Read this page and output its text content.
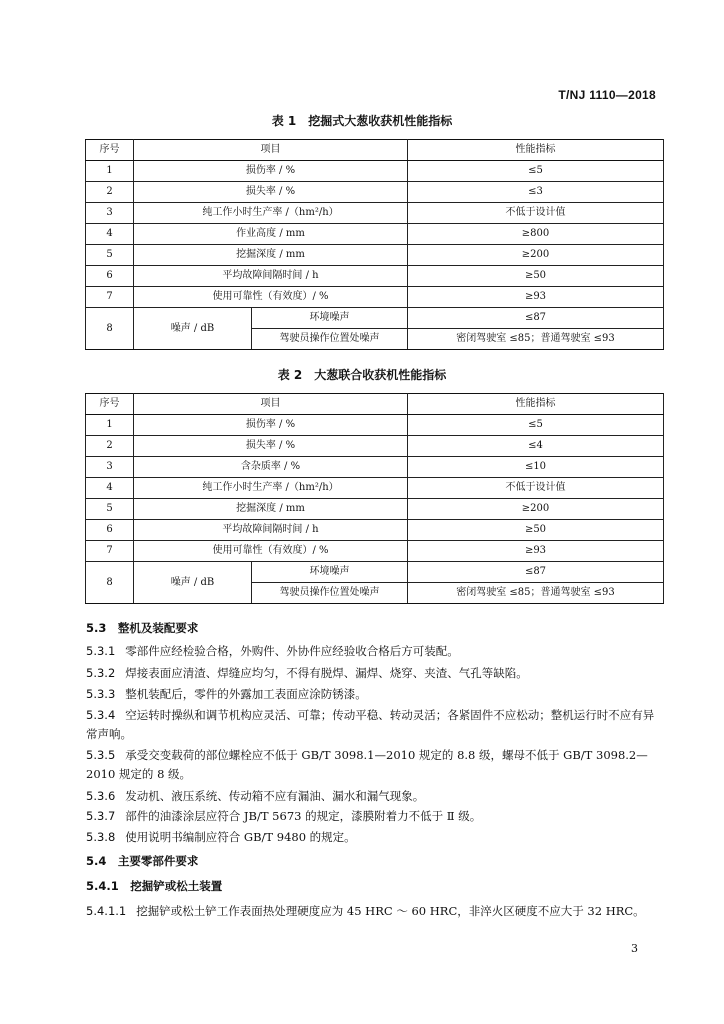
T/NJ 1110—2018
表 1　挖掘式大葱收获机性能指标
序号	项目		性能指标
1	损伤率 / %		≤5
2	损失率 / %		≤3
3	纯工作小时生产率 /（hm²/h）		不低于设计值
4	作业高度 / mm		≥800
5	挖掘深度 / mm		≥200
6	平均故障间隔时间 / h		≥50
7	使用可靠性（有效度）/ %		≥93
8	噪声 / dB	环境噪声	≤87
		驾驶员操作位置处噪声	密闭驾驶室 ≤85；普通驾驶室 ≤93
表 2　大葱联合收获机性能指标
序号	项目		性能指标
1	损伤率 / %		≤5
2	损失率 / %		≤4
3	含杂质率 / %		≤10
4	纯工作小时生产率 /（hm²/h）		不低于设计值
5	挖掘深度 / mm		≥200
6	平均故障间隔时间 / h		≥50
7	使用可靠性（有效度）/ %		≥93
8	噪声 / dB	环境噪声	≤87
		驾驶员操作位置处噪声	密闭驾驶室 ≤85；普通驾驶室 ≤93
5.3　整机及装配要求
5.3.1 零部件应经检验合格，外购件、外协件应经验收合格后方可装配。
5.3.2 焊接表面应清渣、焊缝应均匀，不得有脱焊、漏焊、烧穿、夹渣、气孔等缺陷。
5.3.3 整机装配后，零件的外露加工表面应涂防锈漆。
5.3.4 空运转时操纵和调节机构应灵活、可靠；传动平稳、转动灵活；各紧固件不应松动；整机运行时不应有异常声响。
5.3.5 承受交变载荷的部位螺栓应不低于 GB/T 3098.1—2010 规定的 8.8 级，螺母不低于 GB/T 3098.2—2010 规定的 8 级。
5.3.6 发动机、液压系统、传动箱不应有漏油、漏水和漏气现象。
5.3.7 部件的油漆涂层应符合 JB/T 5673 的规定，漆膜附着力不低于 Ⅱ 级。
5.3.8 使用说明书编制应符合 GB/T 9480 的规定。
5.4　主要零部件要求
5.4.1　挖掘铲或松土装置
5.4.1.1 挖掘铲或松土铲工作表面热处理硬度应为 45 HRC ～ 60 HRC，非淬火区硬度不应大于 32 HRC。
3
